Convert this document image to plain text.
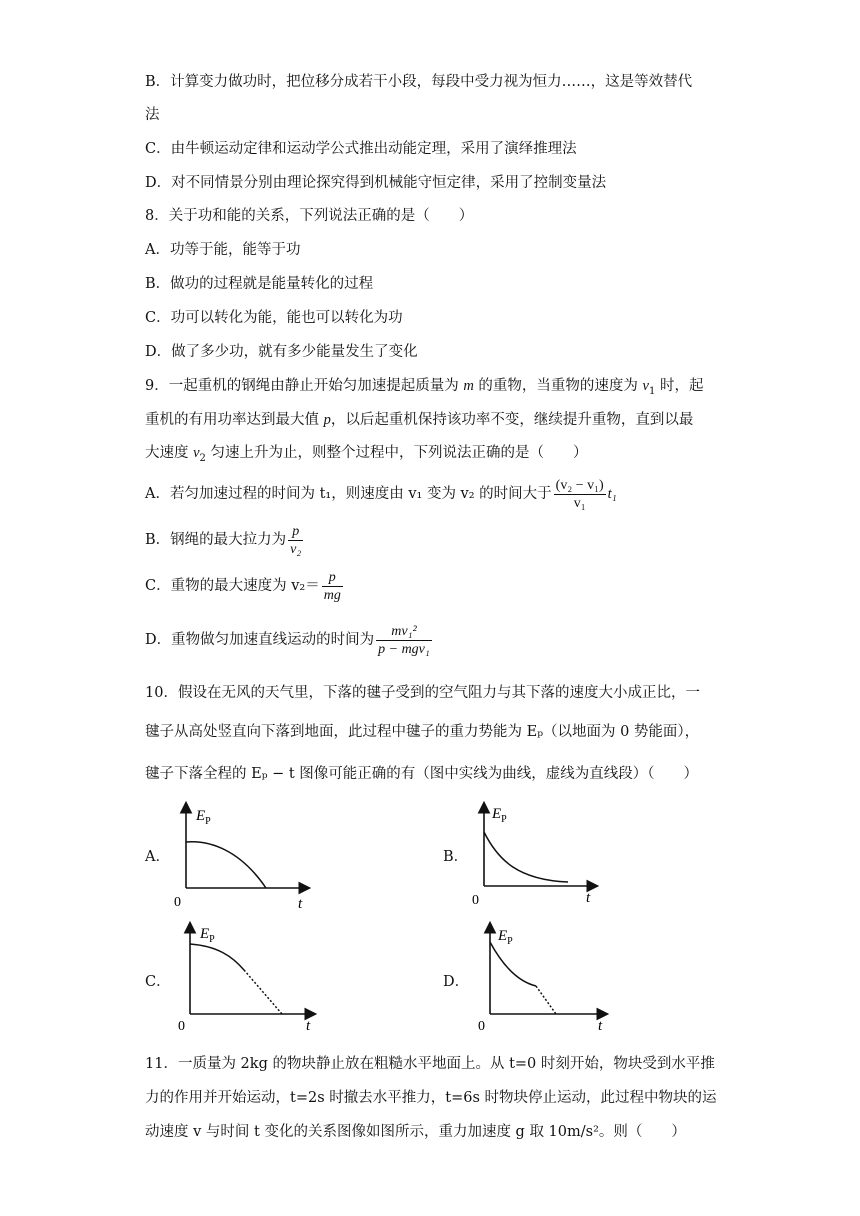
B．计算变力做功时，把位移分成若干小段，每段中受力视为恒力……，这是等效替代
法
C．由牛顿运动定律和运动学公式推出动能定理，采用了演绎推理法
D．对不同情景分别由理论探究得到机械能守恒定律，采用了控制变量法
8．关于功和能的关系，下列说法正确的是（　　）
A．功等于能，能等于功
B．做功的过程就是能量转化的过程
C．功可以转化为能，能也可以转化为功
D．做了多少功，就有多少能量发生了变化
9．一起重机的钢绳由静止开始匀加速提起质量为 m 的重物，当重物的速度为 $v_1$ 时，起
重机的有用功率达到最大值 p，以后起重机保持该功率不变，继续提升重物，直到以最
大速度 $v_2$ 匀速上升为止，则整个过程中，下列说法正确的是（　　）
A．若匀加速过程的时间为 t₁，则速度由 v₁ 变为 v₂ 的时间大于 $\frac{\text{(v₂ − v₁)}}{\text{v₁}} t_1$
B．钢绳的最大拉力为 $\frac{p}{\text{v₂}}$
C．重物的最大速度为 $v_2= \frac{p}{mg}$
D．重物做匀加速直线运动的时间为 $\frac{\text{mv₁²}}{\text{p − mgv₁}}$
10．假设在无风的天气里，下落的毽子受到的空气阻力与其下落的速度大小成正比，一
毽子从高处竖直向下落到地面，此过程中毽子的重力势能为 Eₚ（以地面为 0 势能面），
毽子下落全程的 Eₚ − t 图像可能正确的有（图中实线为曲线，虚线为直线段）（　　）
A．	B．
C．	D．
$E_P$
0	t
$E_P$
0	t
$E_P$
0	t
$E_P$
0	t
11．一质量为 2kg 的物块静止放在粗糙水平地面上。从 t=0 时刻开始，物块受到水平推
力的作用并开始运动，t=2s 时撤去水平推力，t=6s 时物块停止运动，此过程中物块的运
动速度 v 与时间 t 变化的关系图像如图所示，重力加速度 g 取 10m/s²。则（　　）
